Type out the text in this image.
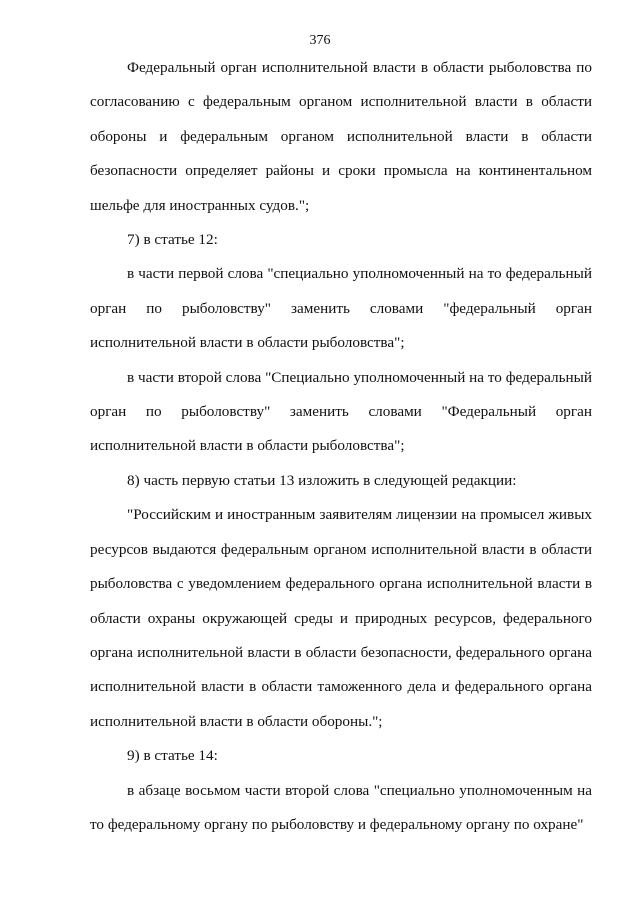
376

Федеральный орган исполнительной власти в области рыболовства по согласованию с федеральным органом исполнительной власти в области обороны и федеральным органом исполнительной власти в области безопасности определяет районы и сроки промысла на континентальном шельфе для иностранных судов.";

7) в статье 12:

в части первой слова "специально уполномоченный на то федеральный орган по рыболовству" заменить словами "федеральный орган исполнительной власти в области рыболовства";

в части второй слова "Специально уполномоченный на то федеральный орган по рыболовству" заменить словами "Федеральный орган исполнительной власти в области рыболовства";

8) часть первую статьи 13 изложить в следующей редакции:

"Российским и иностранным заявителям лицензии на промысел живых ресурсов выдаются федеральным органом исполнительной власти в области рыболовства с уведомлением федерального органа исполнительной власти в области охраны окружающей среды и природных ресурсов, федерального органа исполнительной власти в области безопасности, федерального органа исполнительной власти в области таможенного дела и федерального органа исполнительной власти в области обороны.";

9) в статье 14:

в абзаце восьмом части второй слова "специально уполномоченным на то федеральному органу по рыболовству и федеральному органу по охране"
